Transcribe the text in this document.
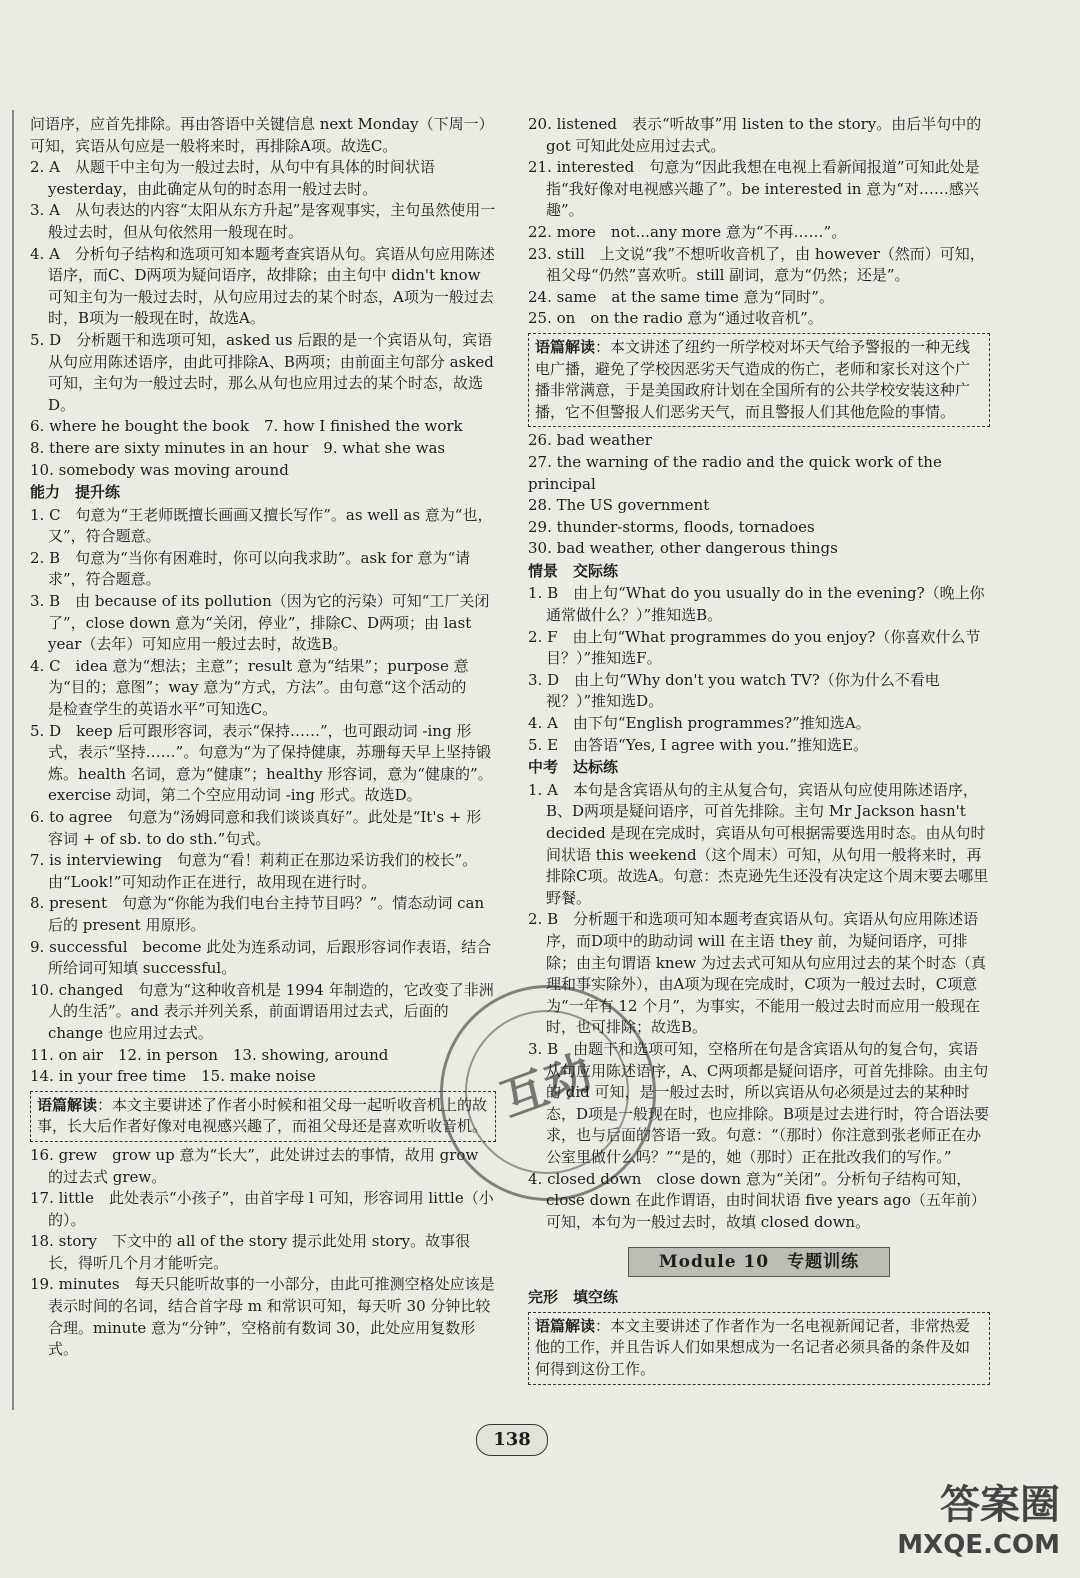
问语序，应首先排除。再由答语中关键信息 next Monday（下周一）可知，宾语从句应是一般将来时，再排除A项。故选C。

2. A　从题干中主句为一般过去时，从句中有具体的时间状语 yesterday，由此确定从句的时态用一般过去时。

3. A　从句表达的内容“太阳从东方升起”是客观事实，主句虽然使用一般过去时，但从句依然用一般现在时。

4. A　分析句子结构和选项可知本题考查宾语从句。宾语从句应用陈述语序，而C、D两项为疑问语序，故排除；由主句中 didn't know 可知主句为一般过去时，从句应用过去的某个时态，A项为一般过去时，B项为一般现在时，故选A。

5. D　分析题干和选项可知，asked us 后跟的是一个宾语从句，宾语从句应用陈述语序，由此可排除A、B两项；由前面主句部分 asked 可知，主句为一般过去时，那么从句也应用过去的某个时态，故选D。

6. where he bought the book　7. how I finished the work

8. there are sixty minutes in an hour　9. what she was

10. somebody was moving around

能力　提升练

1. C　句意为“王老师既擅长画画又擅长写作”。as well as 意为“也，又”，符合题意。

2. B　句意为“当你有困难时，你可以向我求助”。ask for 意为“请求”，符合题意。

3. B　由 because of its pollution（因为它的污染）可知“工厂关闭了”，close down 意为“关闭，停业”，排除C、D两项；由 last year（去年）可知应用一般过去时，故选B。

4. C　idea 意为“想法；主意”；result 意为“结果”；purpose 意为“目的；意图”；way 意为“方式，方法”。由句意“这个活动的　　是检查学生的英语水平”可知选C。

5. D　keep 后可跟形容词，表示“保持……”，也可跟动词 -ing 形式，表示“坚持……”。句意为“为了保持健康，苏珊每天早上坚持锻炼。health 名词，意为“健康”；healthy 形容词，意为“健康的”。exercise 动词，第二个空应用动词 -ing 形式。故选D。

6. to agree　句意为“汤姆同意和我们谈谈真好”。此处是“It's + 形容词 + of sb. to do sth.”句式。

7. is interviewing　句意为“看！莉莉正在那边采访我们的校长”。由“Look!”可知动作正在进行，故用现在进行时。

8. present　句意为“你能为我们电台主持节目吗？”。情态动词 can 后的 present 用原形。

9. successful　become 此处为连系动词，后跟形容词作表语，结合所给词可知填 successful。

10. changed　句意为“这种收音机是 1994 年制造的，它改变了非洲人的生活”。and 表示并列关系，前面谓语用过去式，后面的 change 也应用过去式。

11. on air　12. in person　13. showing, around

14. in your free time　15. make noise

语篇解读：本文主要讲述了作者小时候和祖父母一起听收音机上的故事，长大后作者好像对电视感兴趣了，而祖父母还是喜欢听收音机。

16. grew　grow up 意为“长大”，此处讲过去的事情，故用 grow 的过去式 grew。

17. little　此处表示“小孩子”，由首字母 l 可知，形容词用 little（小的）。

18. story　下文中的 all of the story 提示此处用 story。故事很长，得听几个月才能听完。

19. minutes　每天只能听故事的一小部分，由此可推测空格处应该是表示时间的名词，结合首字母 m 和常识可知，每天听 30 分钟比较合理。minute 意为“分钟”，空格前有数词 30，此处应用复数形式。

20. listened　表示“听故事”用 listen to the story。由后半句中的 got 可知此处应用过去式。

21. interested　句意为“因此我想在电视上看新闻报道”可知此处是指“我好像对电视感兴趣了”。be interested in 意为“对……感兴趣”。

22. more　not...any more 意为“不再……”。

23. still　上文说“我”不想听收音机了，由 however（然而）可知，祖父母“仍然”喜欢听。still 副词，意为“仍然；还是”。

24. same　at the same time 意为“同时”。

25. on　on the radio 意为“通过收音机”。

语篇解读：本文讲述了纽约一所学校对坏天气给予警报的一种无线电广播，避免了学校因恶劣天气造成的伤亡，老师和家长对这个广播非常满意，于是美国政府计划在全国所有的公共学校安装这种广播，它不但警报人们恶劣天气，而且警报人们其他危险的事情。

26. bad weather

27. the warning of the radio and the quick work of the principal

28. The US government

29. thunder-storms, floods, tornadoes

30. bad weather, other dangerous things

情景　交际练

1. B　由上句“What do you usually do in the evening?（晚上你通常做什么？）”推知选B。

2. F　由上句“What programmes do you enjoy?（你喜欢什么节目？）”推知选F。

3. D　由上句“Why don't you watch TV?（你为什么不看电视？）”推知选D。

4. A　由下句“English programmes?”推知选A。

5. E　由答语“Yes, I agree with you.”推知选E。

中考　达标练

1. A　本句是含宾语从句的主从复合句，宾语从句应使用陈述语序，B、D两项是疑问语序，可首先排除。主句 Mr Jackson hasn't decided 是现在完成时，宾语从句可根据需要选用时态。由从句时间状语 this weekend（这个周末）可知，从句用一般将来时，再排除C项。故选A。句意：杰克逊先生还没有决定这个周末要去哪里野餐。

2. B　分析题干和选项可知本题考查宾语从句。宾语从句应用陈述语序，而D项中的助动词 will 在主语 they 前，为疑问语序，可排除；由主句谓语 knew 为过去式可知从句应用过去的某个时态（真理和事实除外），由A项为现在完成时，C项为一般过去时，C项意为“一年有 12 个月”，为事实，不能用一般过去时而应用一般现在时，也可排除；故选B。

3. B　由题干和选项可知，空格所在句是含宾语从句的复合句，宾语从句应用陈述语序，A、C两项都是疑问语序，可首先排除。由主句的 did 可知，是一般过去时，所以宾语从句必须是过去的某种时态，D项是一般现在时，也应排除。B项是过去进行时，符合语法要求，也与后面的答语一致。句意：“（那时）你注意到张老师正在办公室里做什么吗？”“是的，她（那时）正在批改我们的写作。”

4. closed down　close down 意为“关闭”。分析句子结构可知，close down 在此作谓语，由时间状语 five years ago（五年前）可知，本句为一般过去时，故填 closed down。

Module 10　专题训练

完形　填空练

语篇解读：本文主要讲述了作者作为一名电视新闻记者，非常热爱他的工作，并且告诉人们如果想成为一名记者必须具备的条件及如何得到这份工作。
互动
138
答案圈
MXQE.COM
